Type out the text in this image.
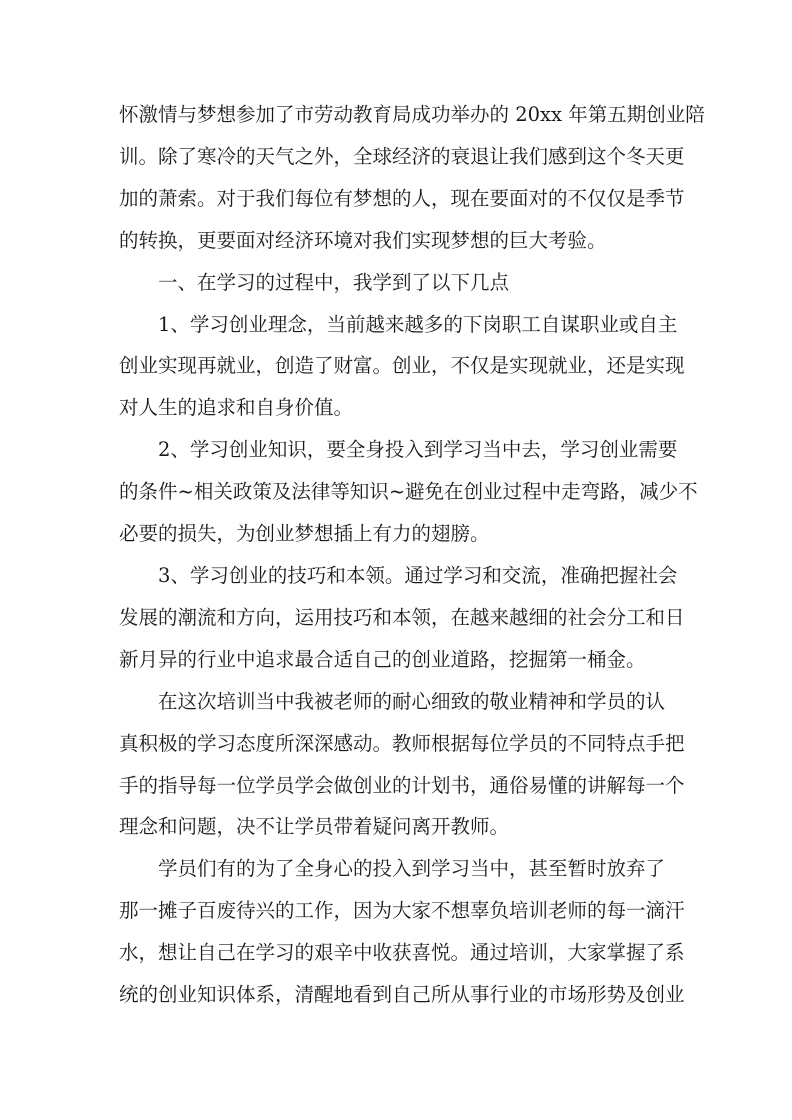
怀激情与梦想参加了市劳动教育局成功举办的 20xx 年第五期创业陪
训。除了寒冷的天气之外，全球经济的衰退让我们感到这个冬天更
加的萧索。对于我们每位有梦想的人，现在要面对的不仅仅是季节
的转换，更要面对经济环境对我们实现梦想的巨大考验。
一、在学习的过程中，我学到了以下几点
1、学习创业理念，当前越来越多的下岗职工自谋职业或自主
创业实现再就业，创造了财富。创业，不仅是实现就业，还是实现
对人生的追求和自身价值。
2、学习创业知识，要全身投入到学习当中去，学习创业需要
的条件~相关政策及法律等知识~避免在创业过程中走弯路，减少不
必要的损失，为创业梦想插上有力的翅膀。
3、学习创业的技巧和本领。通过学习和交流，准确把握社会
发展的潮流和方向，运用技巧和本领，在越来越细的社会分工和日
新月异的行业中追求最合适自己的创业道路，挖掘第一桶金。
在这次培训当中我被老师的耐心细致的敬业精神和学员的认
真积极的学习态度所深深感动。教师根据每位学员的不同特点手把
手的指导每一位学员学会做创业的计划书，通俗易懂的讲解每一个
理念和问题，决不让学员带着疑问离开教师。
学员们有的为了全身心的投入到学习当中，甚至暂时放弃了
那一摊子百废待兴的工作，因为大家不想辜负培训老师的每一滴汗
水，想让自己在学习的艰辛中收获喜悦。通过培训，大家掌握了系
统的创业知识体系，清醒地看到自己所从事行业的市场形势及创业
